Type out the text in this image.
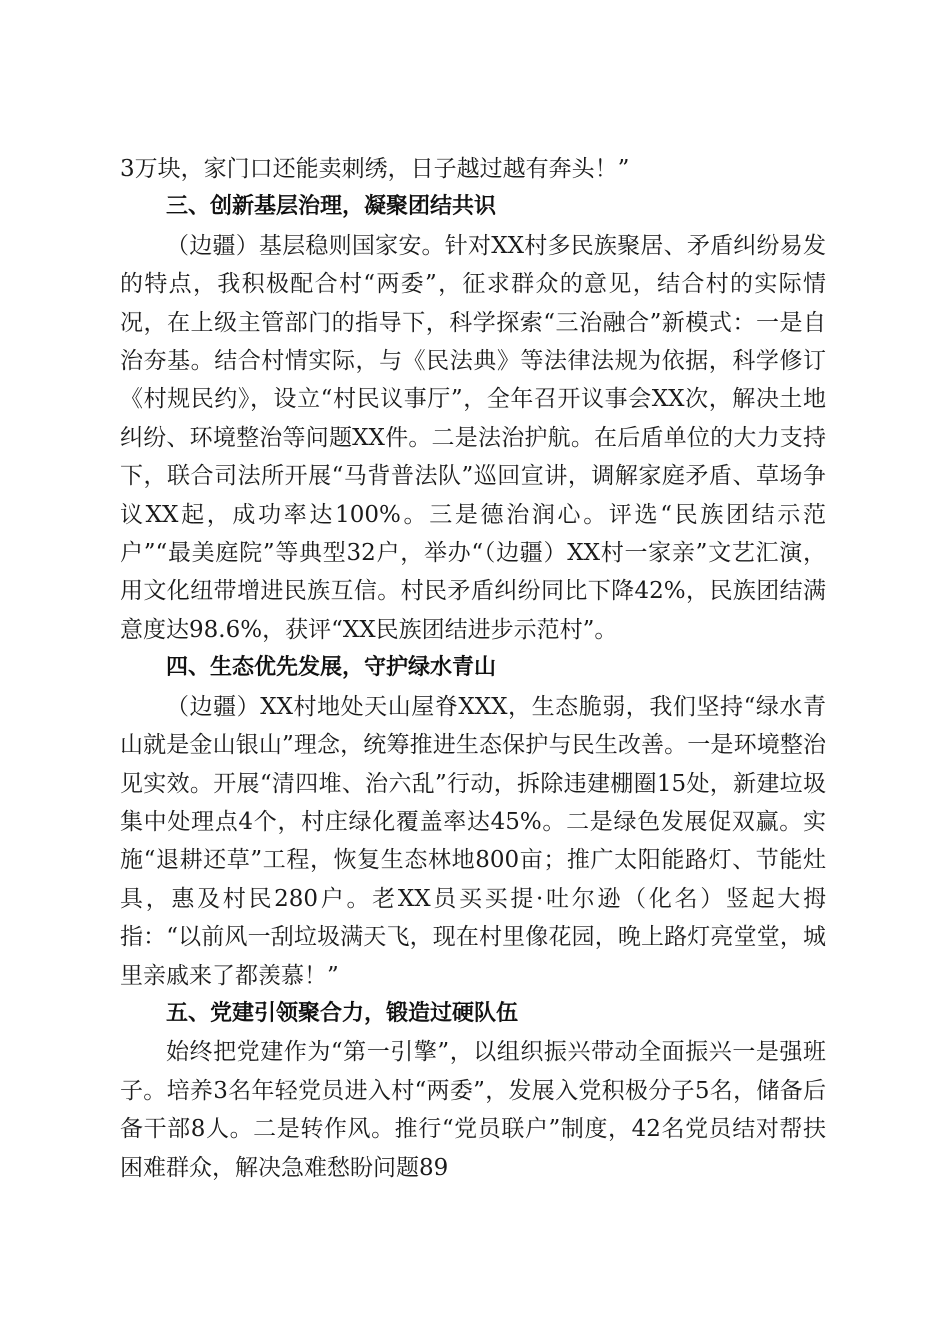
3万块，家门口还能卖刺绣，日子越过越有奔头！”

三、创新基层治理，凝聚团结共识

（边疆）基层稳则国家安。针对XX村多民族聚居、矛盾纠纷易发的特点，我积极配合村“两委”，征求群众的意见，结合村的实际情况，在上级主管部门的指导下，科学探索“三治融合”新模式：一是自治夯基。结合村情实际，与《民法典》等法律法规为依据，科学修订《村规民约》，设立“村民议事厅”，全年召开议事会XX次，解决土地纠纷、环境整治等问题XX件。二是法治护航。在后盾单位的大力支持下，联合司法所开展“马背普法队”巡回宣讲，调解家庭矛盾、草场争议XX起，成功率达100%。三是德治润心。评选“民族团结示范户”“最美庭院”等典型32户，举办“（边疆）XX村一家亲”文艺汇演，用文化纽带增进民族互信。村民矛盾纠纷同比下降42%，民族团结满意度达98.6%，获评“XX民族团结进步示范村”。

四、生态优先发展，守护绿水青山

（边疆）XX村地处天山屋脊XXX，生态脆弱，我们坚持“绿水青山就是金山银山”理念，统筹推进生态保护与民生改善。一是环境整治见实效。开展“清四堆、治六乱”行动，拆除违建棚圈15处，新建垃圾集中处理点4个，村庄绿化覆盖率达45%。二是绿色发展促双赢。实施“退耕还草”工程，恢复生态林地800亩；推广太阳能路灯、节能灶具，惠及村民280户。老XX员买买提·吐尔逊（化名）竖起大拇指：“以前风一刮垃圾满天飞，现在村里像花园，晚上路灯亮堂堂，城里亲戚来了都羡慕！”

五、党建引领聚合力，锻造过硬队伍

始终把党建作为“第一引擎”，以组织振兴带动全面振兴一是强班子。培养3名年轻党员进入村“两委”，发展入党积极分子5名，储备后备干部8人。二是转作风。推行“党员联户”制度，42名党员结对帮扶困难群众，解决急难愁盼问题89
